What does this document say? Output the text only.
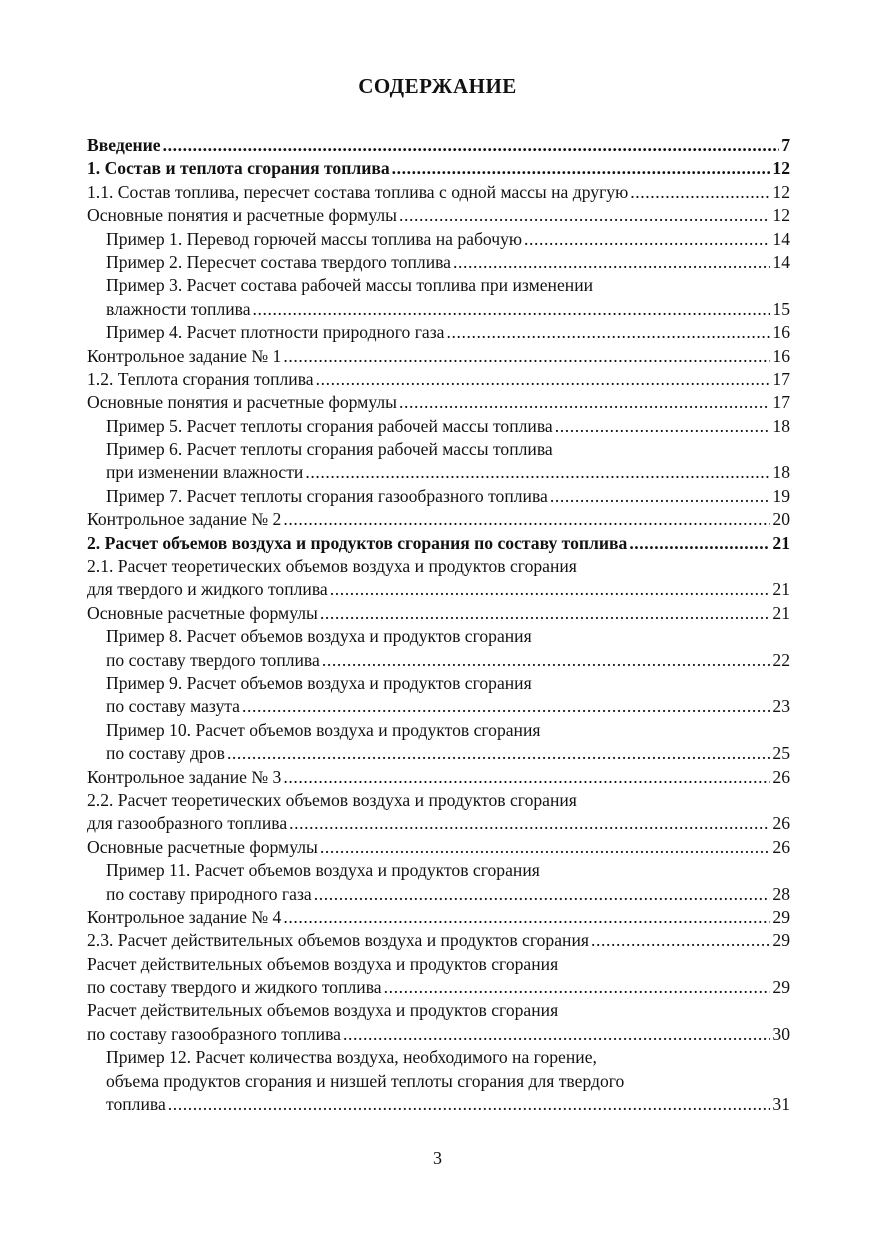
СОДЕРЖАНИЕ
Введение .....	7
1. Состав и теплота сгорания топлива .....	12
1.1. Состав топлива, пересчет состава топлива с одной массы на другую .....	12
Основные понятия и расчетные формулы .....	12
Пример 1. Перевод горючей массы топлива на рабочую .....	14
Пример 2. Пересчет состава твердого топлива .....	14
Пример 3. Расчет состава рабочей массы топлива при изменении
влажности топлива .....	15
Пример 4. Расчет плотности природного газа .....	16
Контрольное задание № 1 .....	16
1.2. Теплота сгорания топлива .....	17
Основные понятия и расчетные формулы .....	17
Пример 5. Расчет теплоты сгорания рабочей массы топлива .....	18
Пример 6. Расчет теплоты сгорания рабочей массы топлива
при изменении влажности .....	18
Пример 7. Расчет теплоты сгорания газообразного топлива .....	19
Контрольное задание № 2 .....	20
2. Расчет объемов воздуха и продуктов сгорания по составу топлива .....	21
2.1. Расчет теоретических объемов воздуха и продуктов сгорания
для твердого и жидкого топлива .....	21
Основные расчетные формулы .....	21
Пример 8. Расчет объемов воздуха и продуктов сгорания
по составу твердого топлива .....	22
Пример 9. Расчет объемов воздуха и продуктов сгорания
по составу мазута .....	23
Пример 10. Расчет объемов воздуха и продуктов сгорания
по составу дров .....	25
Контрольное задание № 3 .....	26
2.2. Расчет теоретических объемов воздуха и продуктов сгорания
для газообразного топлива .....	26
Основные расчетные формулы .....	26
Пример 11. Расчет объемов воздуха и продуктов сгорания
по составу природного газа .....	28
Контрольное задание № 4 .....	29
2.3. Расчет действительных объемов воздуха и продуктов сгорания .....	29
Расчет действительных объемов воздуха и продуктов сгорания
по составу твердого и жидкого топлива .....	29
Расчет действительных объемов воздуха и продуктов сгорания
по составу газообразного топлива .....	30
Пример 12. Расчет количества воздуха, необходимого на горение,
объема продуктов сгорания и низшей теплоты сгорания для твердого
топлива .....	31
3
